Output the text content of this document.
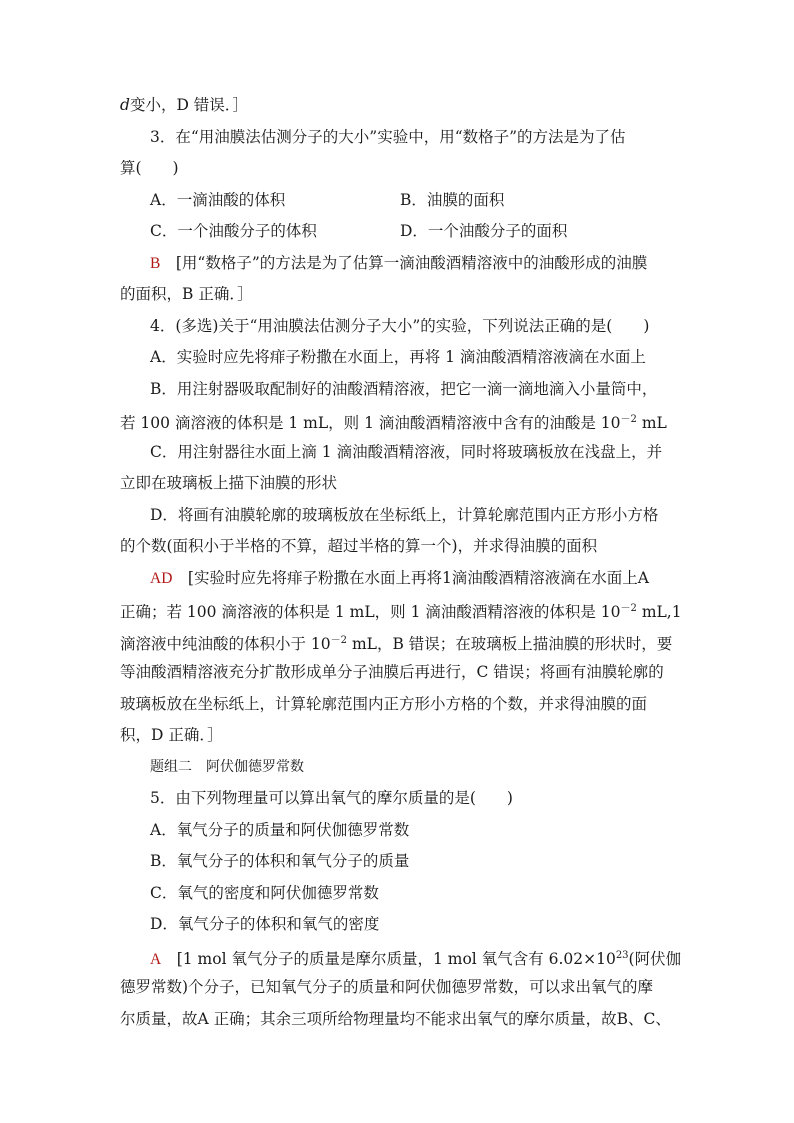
d变小，D 错误．］
3．在“用油膜法估测分子的大小”实验中，用“数格子”的方法是为了估
算(　　)
A．一滴油酸的体积	B．油膜的面积
C．一个油酸分子的体积	D．一个油酸分子的面积
B　[用“数格子”的方法是为了估算一滴油酸酒精溶液中的油酸形成的油膜
的面积，B 正确．］
4．(多选)关于“用油膜法估测分子大小”的实验，下列说法正确的是(　　)
A．实验时应先将痱子粉撒在水面上，再将 1 滴油酸酒精溶液滴在水面上
B．用注射器吸取配制好的油酸酒精溶液，把它一滴一滴地滴入小量筒中，
若 100 滴溶液的体积是 1 mL，则 1 滴油酸酒精溶液中含有的油酸是 $10^{-2}$ mL
C．用注射器往水面上滴 1 滴油酸酒精溶液，同时将玻璃板放在浅盘上，并
立即在玻璃板上描下油膜的形状
D．将画有油膜轮廓的玻璃板放在坐标纸上，计算轮廓范围内正方形小方格
的个数(面积小于半格的不算，超过半格的算一个)，并求得油膜的面积
AD　[实验时应先将痱子粉撒在水面上再将1滴油酸酒精溶液滴在水面上A
正确；若 100 滴溶液的体积是 1 mL，则 1 滴油酸酒精溶液的体积是 $10^{-2}$ mL,1
滴溶液中纯油酸的体积小于 $10^{-2}$ mL，B 错误；在玻璃板上描油膜的形状时，要
等油酸酒精溶液充分扩散形成单分子油膜后再进行，C 错误；将画有油膜轮廓的
玻璃板放在坐标纸上，计算轮廓范围内正方形小方格的个数，并求得油膜的面
积，D 正确．］
题组二　阿伏伽德罗常数
5．由下列物理量可以算出氧气的摩尔质量的是(　　)
A．氧气分子的质量和阿伏伽德罗常数
B．氧气分子的体积和氧气分子的质量
C．氧气的密度和阿伏伽德罗常数
D．氧气分子的体积和氧气的密度
A　[1 mol 氧气分子的质量是摩尔质量，1 mol 氧气含有 $6.02\times 10^{23}$(阿伏伽
德罗常数)个分子，已知氧气分子的质量和阿伏伽德罗常数，可以求出氧气的摩
尔质量，故A 正确；其余三项所给物理量均不能求出氧气的摩尔质量，故B、C、
